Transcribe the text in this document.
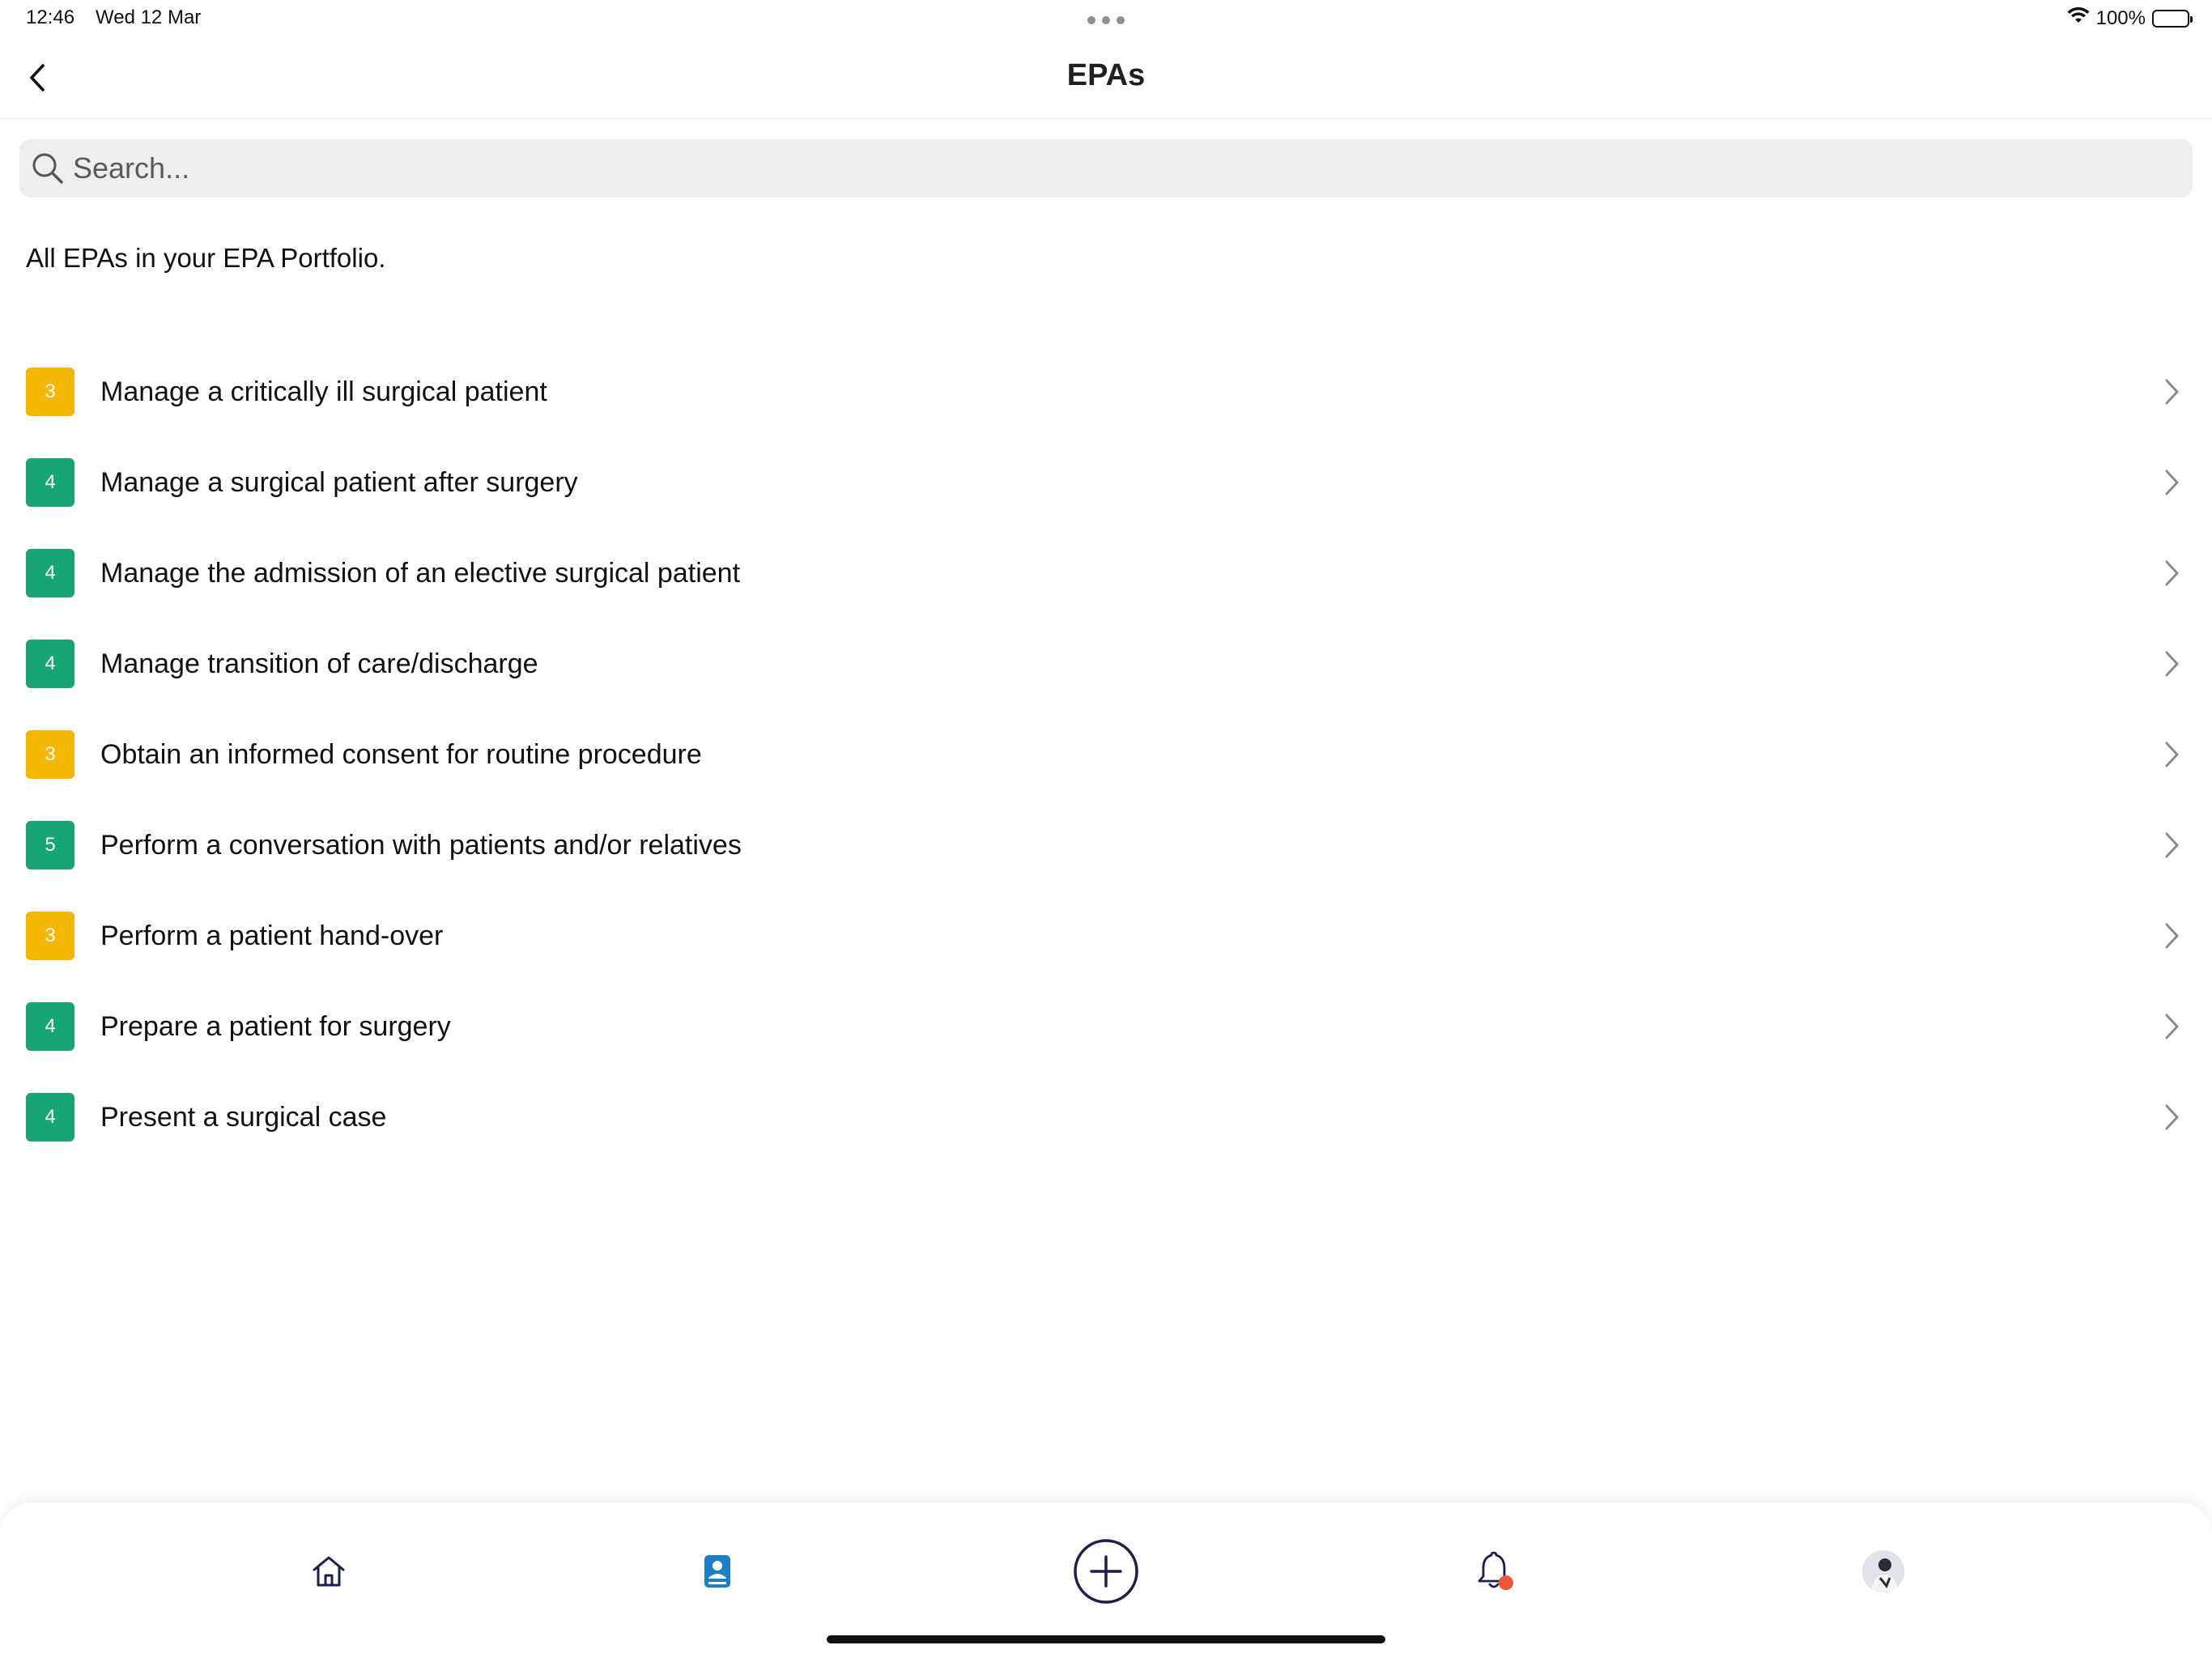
12:46 Wed 12 Mar	100%
EPAs
Search...
All EPAs in your EPA Portfolio.
3	Manage a critically ill surgical patient
4	Manage a surgical patient after surgery
4	Manage the admission of an elective surgical patient
4	Manage transition of care/discharge
3	Obtain an informed consent for routine procedure
5	Perform a conversation with patients and/or relatives
3	Perform a patient hand-over
4	Prepare a patient for surgery
4	Present a surgical case
